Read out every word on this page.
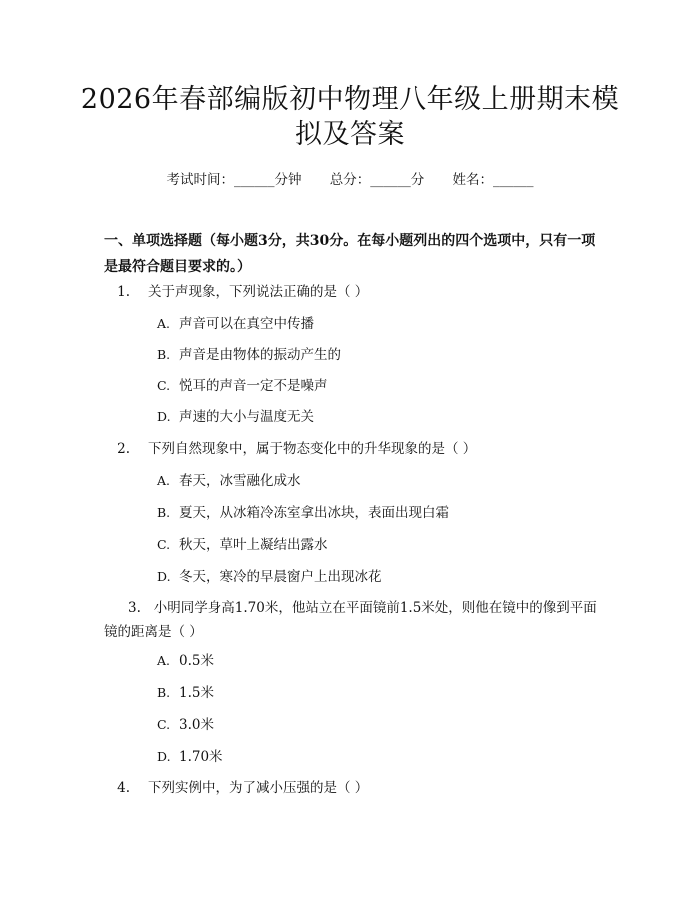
2026年春部编版初中物理八年级上册期末模
拟及答案
考试时间：______分钟 总分：______分 姓名：______
一、单项选择题（每小题3分，共30分。在每小题列出的四个选项中，只有一项是最符合题目要求的。）
1. 关于声现象，下列说法正确的是（ ）
A. 声音可以在真空中传播
B. 声音是由物体的振动产生的
C. 悦耳的声音一定不是噪声
D. 声速的大小与温度无关
2. 下列自然现象中，属于物态变化中的升华现象的是（ ）
A. 春天，冰雪融化成水
B. 夏天，从冰箱冷冻室拿出冰块，表面出现白霜
C. 秋天，草叶上凝结出露水
D. 冬天，寒冷的早晨窗户上出现冰花
3. 小明同学身高1.70米，他站立在平面镜前1.5米处，则他在镜中的像到平面镜的距离是（ ）
A. 0.5米
B. 1.5米
C. 3.0米
D. 1.70米
4. 下列实例中，为了减小压强的是（ ）
